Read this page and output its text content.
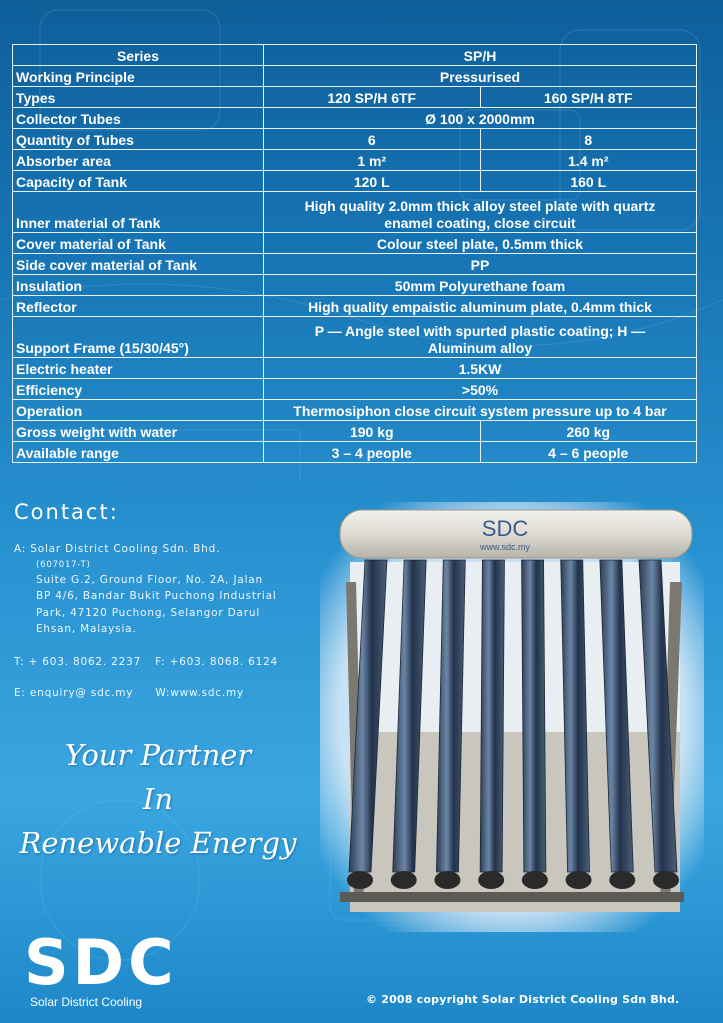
Series	SP/H	
Working Principle	Pressurised	
Types	120 SP/H 6TF	160 SP/H 8TF
Collector Tubes	Ø 100 x 2000mm	
Quantity of Tubes	6	8
Absorber area	1 m²	1.4 m²
Capacity of Tank	120 L	160 L
Inner material of Tank	High quality 2.0mm thick alloy steel plate with quartz
enamel coating, close circuit	

Cover material of Tank	Colour steel plate, 0.5mm thick	
Side cover material of Tank	PP	
Insulation	50mm Polyurethane foam	
Reflector	High quality empaistic aluminum plate, 0.4mm thick	
Support Frame (15/30/45°)	P — Angle steel with spurted plastic coating; H —
Aluminum alloy	

Electric heater	1.5KW	
Efficiency	>50%	
Operation	Thermosiphon close circuit system pressure up to 4 bar	
Gross weight with water	190 kg	260 kg
Available range	3 – 4 people	4 – 6 people
Contact:
A: Solar District Cooling Sdn. Bhd.
(607017-T)
Suite G.2, Ground Floor, No. 2A, Jalan
BP 4/6, Bandar Bukit Puchong Industrial
Park, 47120 Puchong, Selangor Darul
Ehsan, Malaysia.
T: + 603. 8062. 2237 F: +603. 8068. 6124
E: enquiry@ sdc.my W:www.sdc.my
Your Partner
In
Renewable Energy
SDC
www.sdc.my
SDC
Solar District Cooling	© 2008 copyright Solar District Cooling Sdn Bhd.
